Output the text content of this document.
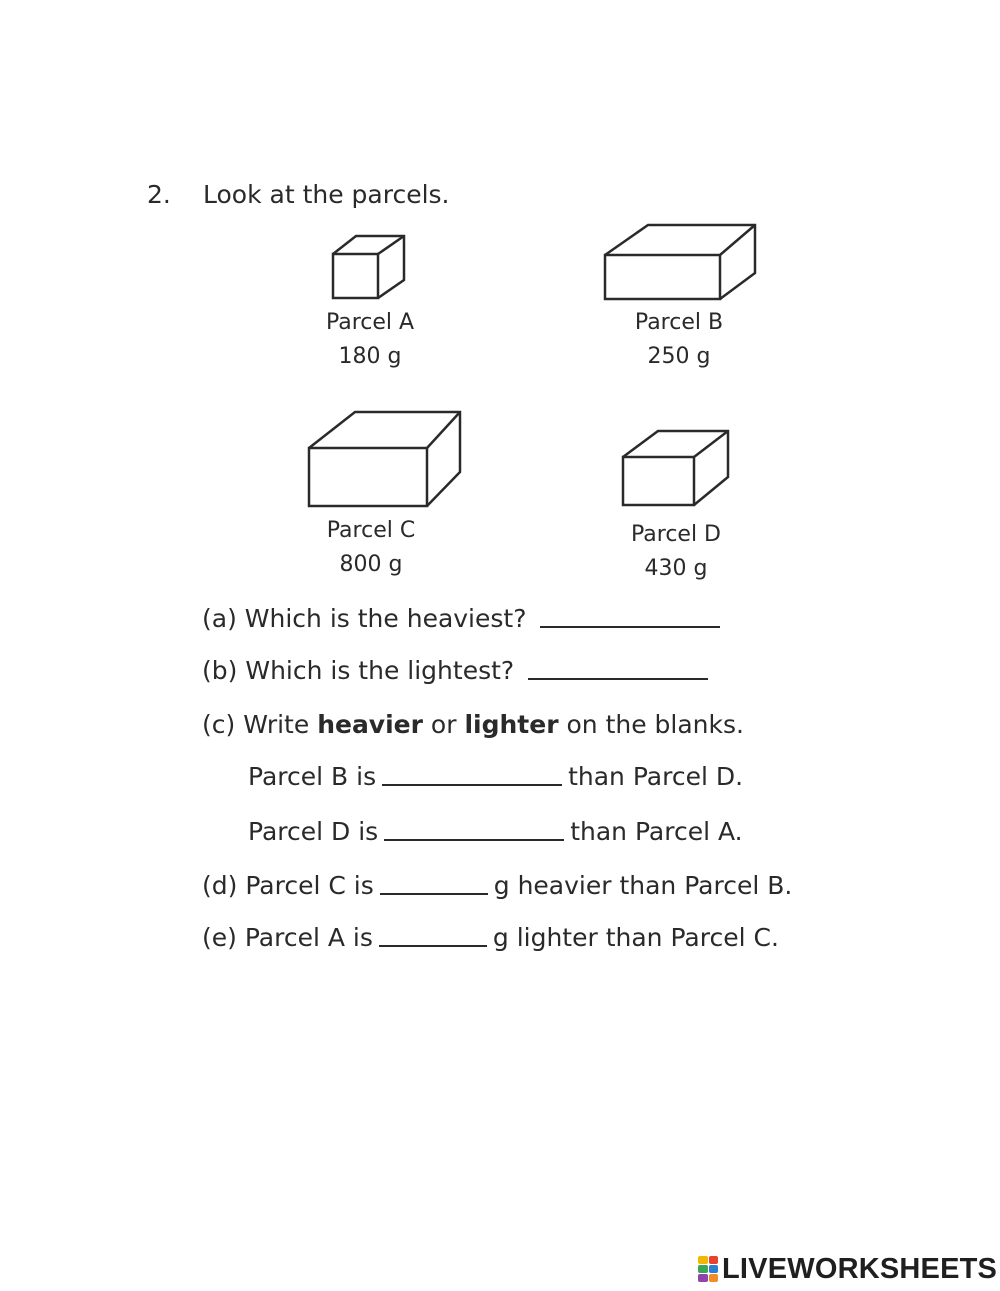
2. Look at the parcels.
Parcel A
180 g
Parcel B
250 g
Parcel C
800 g
Parcel D
430 g
(a) Which is the heaviest?
(b) Which is the lightest?
(c) Write heavier or lighter on the blanks.
Parcel B is	than Parcel D.
Parcel D is	than Parcel A.
(d) Parcel C is	g heavier than Parcel B.
(e) Parcel A is	g lighter than Parcel C.
LIVEWORKSHEETS
